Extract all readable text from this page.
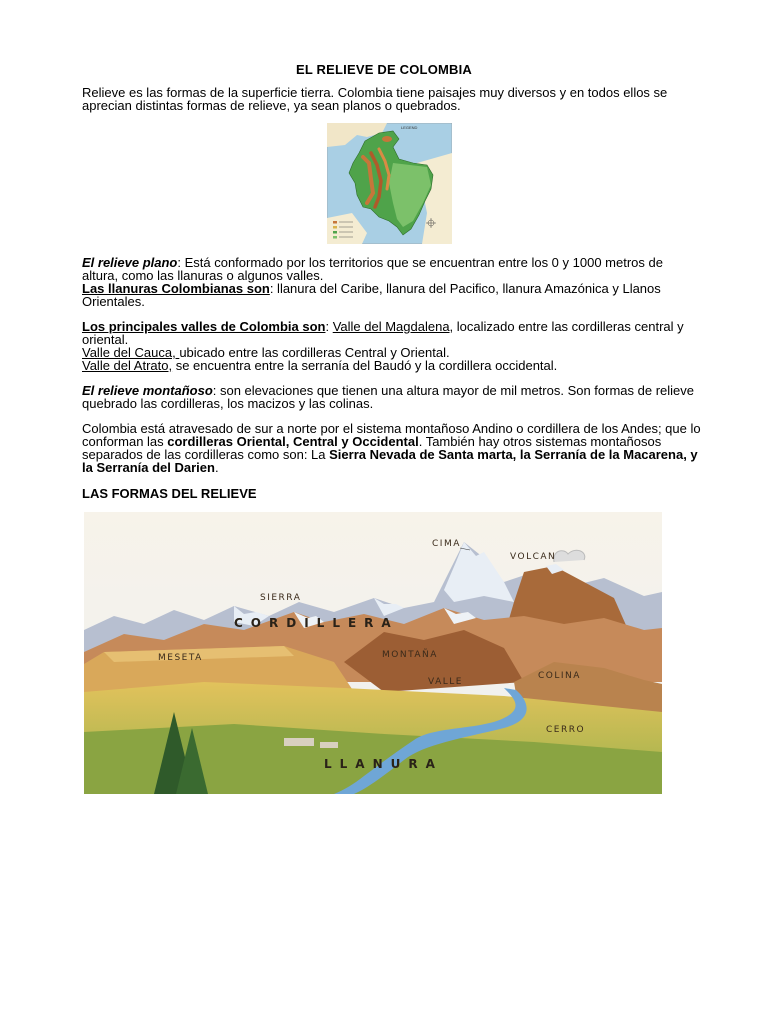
EL RELIEVE DE COLOMBIA
Relieve es las formas de la superficie tierra. Colombia tiene paisajes muy diversos y en todos ellos se aprecian distintas formas de relieve, ya sean planos o quebrados.
LEGEND
El relieve plano: Está conformado por los territorios que se encuentran entre los 0 y 1000 metros de altura, como las llanuras o algunos valles.
Las llanuras Colombianas son: llanura del Caribe, llanura del Pacifico, llanura Amazónica y Llanos Orientales.
Los principales valles de Colombia son: Valle del Magdalena, localizado entre las cordilleras central y oriental.
Valle del Cauca, ubicado entre las cordilleras Central y Oriental.
Valle del Atrato, se encuentra entre la serranía del Baudó y la cordillera occidental.
El relieve montañoso: son elevaciones que tienen una altura mayor de mil metros. Son formas de relieve quebrado las cordilleras, los macizos y las colinas.
Colombia está atravesado de sur a norte por el sistema montañoso Andino o cordillera de los Andes; que lo conforman las cordilleras Oriental, Central y Occidental. También hay otros sistemas montañosos separados de las cordilleras como son: La Sierra Nevada de Santa marta, la Serranía de la Macarena, y la Serranía del Darien.
LAS FORMAS DEL RELIEVE
CIMA
VOLCAN
SIERRA
CORDILLERA
MESETA	MONTAÑA
VALLE
COLINA
CERRO
LLANURA
